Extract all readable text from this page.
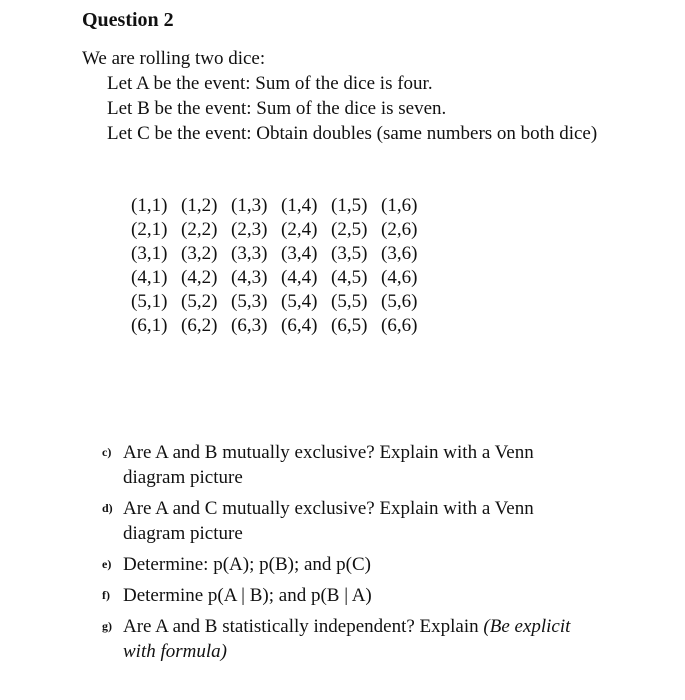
Question 2
We are rolling two dice:
Let A be the event: Sum of the dice is four.
Let B be the event: Sum of the dice is seven.
Let C be the event: Obtain doubles (same numbers on both dice)
(1,1) (1,2) (1,3) (1,4) (1,5) (1,6)
(2,1) (2,2) (2,3) (2,4) (2,5) (2,6)
(3,1) (3,2) (3,3) (3,4) (3,5) (3,6)
(4,1) (4,2) (4,3) (4,4) (4,5) (4,6)
(5,1) (5,2) (5,3) (5,4) (5,5) (5,6)
(6,1) (6,2) (6,3) (6,4) (6,5) (6,6)
c) Are A and B mutually exclusive? Explain with a Venn diagram picture
d) Are A and C mutually exclusive? Explain with a Venn diagram picture
e) Determine: p(A); p(B); and p(C)
f) Determine p(A | B); and p(B | A)
g) Are A and B statistically independent? Explain (Be explicit with formula)
